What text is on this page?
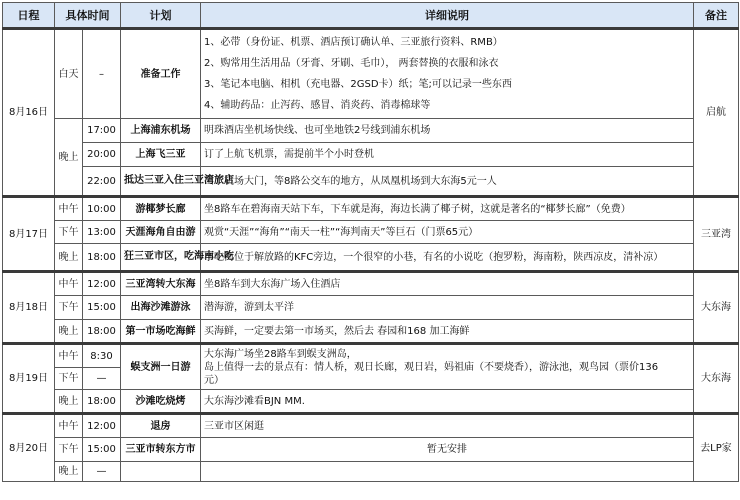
日程	具体时间		计划	详细说明	备注
8月16日	白天	–	准备工作	1、必带（身份证、机票、酒店预订确认单、三亚旅行资料、RMB）
2、购常用生活用品（牙膏、牙刷、毛巾）， 两套替换的衣服和泳衣
3、笔记本电脑、相机（充电器、2GSD卡）纸；笔;可以记录一些东西
4、辅助药品：止泻药、感冒、消炎药、消毒棉球等	启航
	晚上	17:00	上海浦东机场	明珠酒店坐机场快线、也可坐地铁2号线到浦东机场	
		20:00	上海飞三亚	订了上航飞机票，需提前半个小时登机	
		22:00	抵达三亚入住三亚湾旅店	出了机场大门，等8路公交车的地方，从凤凰机场到大东海5元一人	
8月17日	中午	10:00	游椰梦长廊	坐8路车在碧海南天站下车，下车就是海，海边长满了椰子树，这就是著名的“椰梦长廊”（免费）	三亚湾
	下午	13:00	天涯海角自由游	观赏“天涯”“海角”“南天一柱”“海判南天”等巨石（门票65元）	
	晚上	18:00	狂三亚市区，吃海南小吃	小吃街位于解放路的KFC旁边，一个很窄的小巷，有名的小说吃（抱罗粉，海南粉，陕西凉皮，清补凉）	
8月18日	中午	12:00	三亚湾转大东海	坐8路车到大东海广场入住酒店	大东海
	下午	15:00	出海沙滩游泳	潜海游，游到太平洋	
	晚上	18:00	第一市场吃海鲜	买海鲜，一定要去第一市场买，然后去 春园和168 加工海鲜	
8月19日	中午	8:30	蜈支洲一日游	大东海广场坐28路车到蜈支洲岛，
岛上值得一去的景点有：情人桥，观日长廊，观日岩，妈祖庙（不要烧香），游泳池，观鸟园（票价136
元）	大东海
	下午	—			
	晚上	18:00	沙滩吃烧烤	大东海沙滩看BJN MM.	
8月20日	中午	12:00	退房	三亚市区闲逛	去LP家
	下午	15:00	三亚市转东方市	暂无安排	
	晚上	—			
